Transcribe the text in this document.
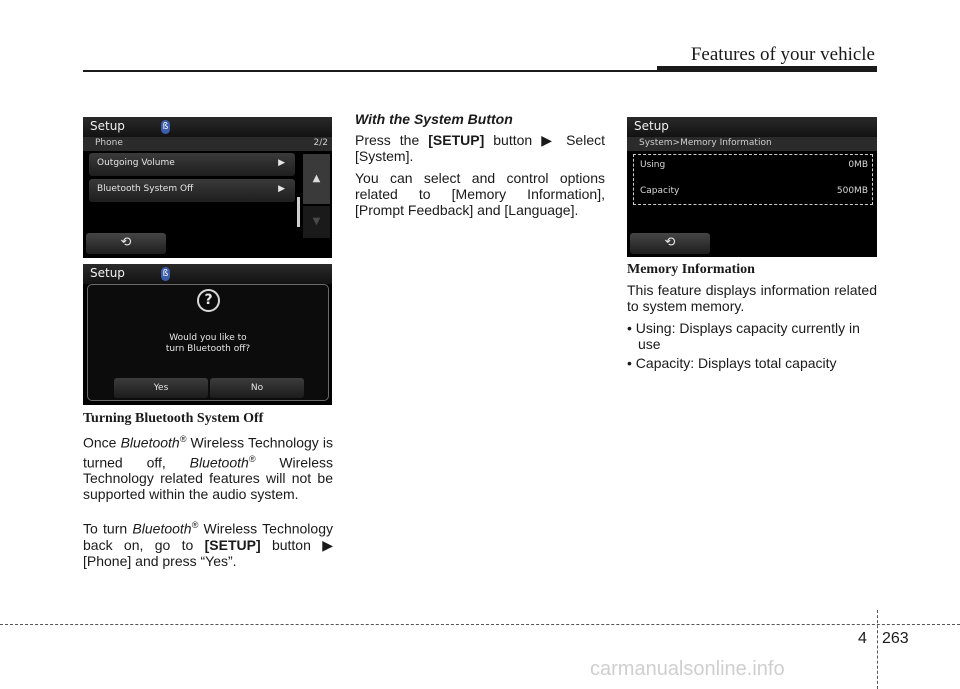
Features of your vehicle
Setup	ß
Phone	2/2
Outgoing Volume	▶
Bluetooth System Off	▶
▲
▼
⟲
Setup	ß
?
Would you like to
turn Bluetooth off?
Yes	No
Setup
System>Memory Information
Using	0MB
Capacity	500MB
⟲
Turning Bluetooth System Off
Once Bluetooth® Wireless Technology is turned off, Bluetooth® Wireless Technology related features will not be supported within the audio system.
To turn Bluetooth® Wireless Technology back on, go to [SETUP] button ▶ [Phone] and press “Yes”.
With the System Button
Press the [SETUP] button ▶ Select [System].
You can select and control options related to [Memory Information], [Prompt Feedback] and [Language].
Memory Information
This feature displays information related to system memory.
• Using: Displays capacity currently in use
• Capacity: Displays total capacity
4 263
carmanualsonline.info
